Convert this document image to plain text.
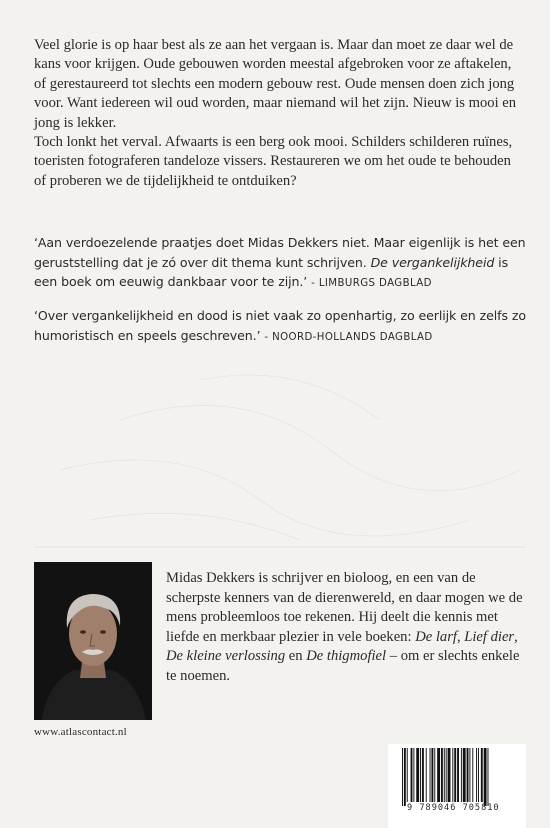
Veel glorie is op haar best als ze aan het vergaan is. Maar dan moet ze daar wel de kans voor krijgen. Oude gebouwen worden meestal afgebroken voor ze aftakelen, of gerestaureerd tot slechts een modern gebouw rest. Oude mensen doen zich jong voor. Want iedereen wil oud worden, maar niemand wil het zijn. Nieuw is mooi en jong is lekker.

Toch lonkt het verval. Afwaarts is een berg ook mooi. Schilders schilderen ruïnes, toeristen fotograferen tandeloze vissers. Restaureren we om het oude te behouden of proberen we de tijdelijkheid te ontduiken?

‘Aan verdoezelende praatjes doet Midas Dekkers niet. Maar eigenlijk is het een geruststelling dat je zó over dit thema kunt schrijven. De vergankelijkheid is een boek om eeuwig dankbaar voor te zijn.’ - LIMBURGS DAGBLAD

‘Over vergankelijkheid en dood is niet vaak zo openhartig, zo eerlijk en zelfs zo humoristisch en speels geschreven.’ - NOORD-HOLLANDS DAGBLAD

Midas Dekkers is schrijver en bioloog, en een van de scherpste kenners van de dierenwereld, en daar mogen we de mens probleemloos toe rekenen. Hij deelt die kennis met liefde en merkbaar plezier in vele boeken: De larf, Lief dier, De kleine verlossing en De thigmofiel – om er slechts enkele te noemen.

www.atlascontact.nl
9 789046 705810
